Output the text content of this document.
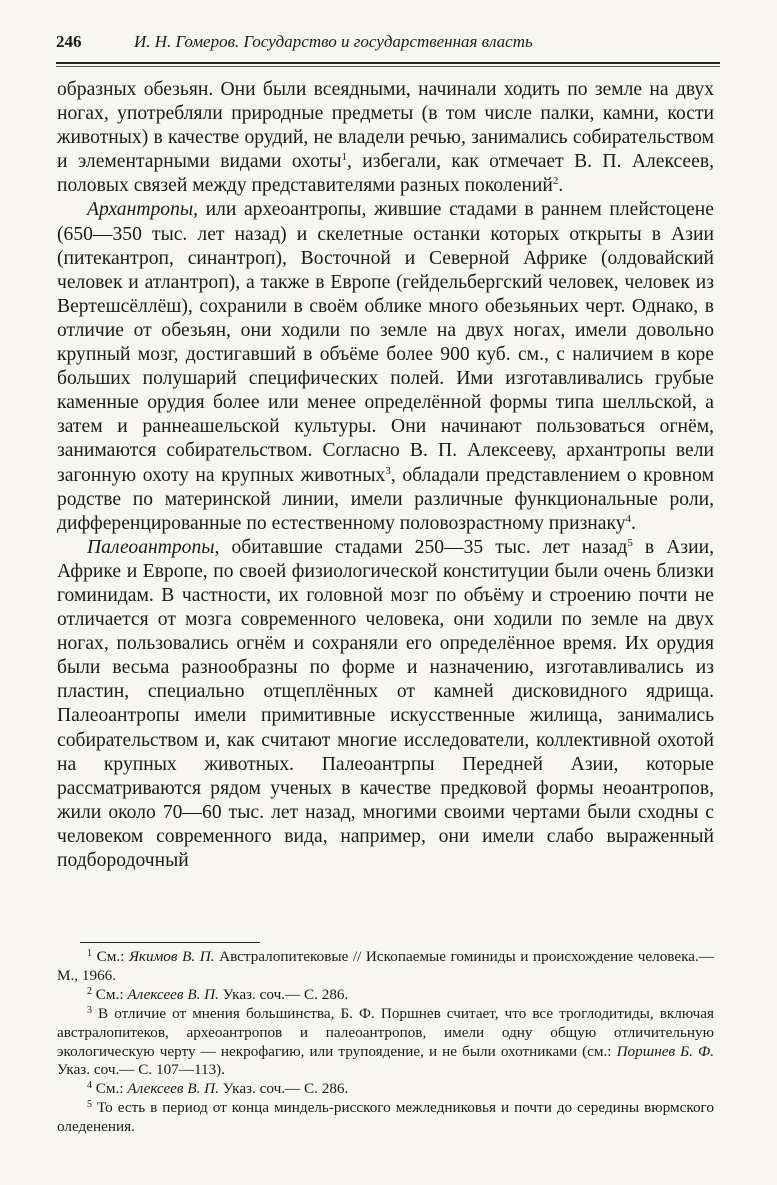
246	И. Н. Гомеров. Государство и государственная власть

образных обезьян. Они были всеядными, начинали ходить по земле на двух ногах, употребляли природные предметы (в том числе палки, камни, кости животных) в качестве орудий, не владели речью, занимались собирательством и элементарными видами охоты$^1$, избегали, как отмечает В. П. Алексеев, половых связей между представителями разных поколений$^2$.

Архантропы, или археоантропы, жившие стадами в раннем плейстоцене (650—350 тыс. лет назад) и скелетные останки которых открыты в Азии (питекантроп, синантроп), Восточной и Северной Африке (олдовайский человек и атлантроп), а также в Европе (гейдельбергский человек, человек из Вертешсёллёш), сохранили в своём облике много обезьяньих черт. Однако, в отличие от обезьян, они ходили по земле на двух ногах, имели довольно крупный мозг, достигавший в объёме более 900 куб. см., с наличием в коре больших полушарий специфических полей. Ими изготавливались грубые каменные орудия более или менее определённой формы типа шелльской, а затем и раннеашельской культуры. Они начинают пользоваться огнём, занимаются собирательством. Согласно В. П. Алексееву, архантропы вели загонную охоту на крупных животных$^3$, обладали представлением о кровном родстве по материнской линии, имели различные функциональные роли, дифференцированные по естественному половозрастному признаку$^4$.

Палеоантропы, обитавшие стадами 250—35 тыс. лет назад$^5$ в Азии, Африке и Европе, по своей физиологической конституции были очень близки гоминидам. В частности, их головной мозг по объёму и строению почти не отличается от мозга современного человека, они ходили по земле на двух ногах, пользовались огнём и сохраняли его определённое время. Их орудия были весьма разнообразны по форме и назначению, изготавливались из пластин, специально отщеплённых от камней дисковидного ядрища. Палеоантропы имели примитивные искусственные жилища, занимались собирательством и, как считают многие исследователи, коллективной охотой на крупных животных. Палеоантрпы Передней Азии, которые рассматриваются рядом ученых в качестве предковой формы неоантропов, жили около 70—60 тыс. лет назад, многими своими чертами были сходны с человеком современного вида, например, они имели слабо выраженный подбородочный

$^1$ См.: Якимов В. П. Австралопитековые // Ископаемые гоминиды и происхождение человека.— М., 1966.

$^2$ См.: Алексеев В. П. Указ. соч.— С. 286.

$^3$ В отличие от мнения большинства, Б. Ф. Поршнев считает, что все троглодитиды, включая австралопитеков, археоантропов и палеоантропов, имели одну общую отличительную экологическую черту — некрофагию, или трупоядение, и не были охотниками (см.: Поршнев Б. Ф. Указ. соч.— С. 107—113).

$^4$ См.: Алексеев В. П. Указ. соч.— С. 286.

$^5$ То есть в период от конца миндель-рисского межледниковья и почти до середины вюрмского оледенения.
